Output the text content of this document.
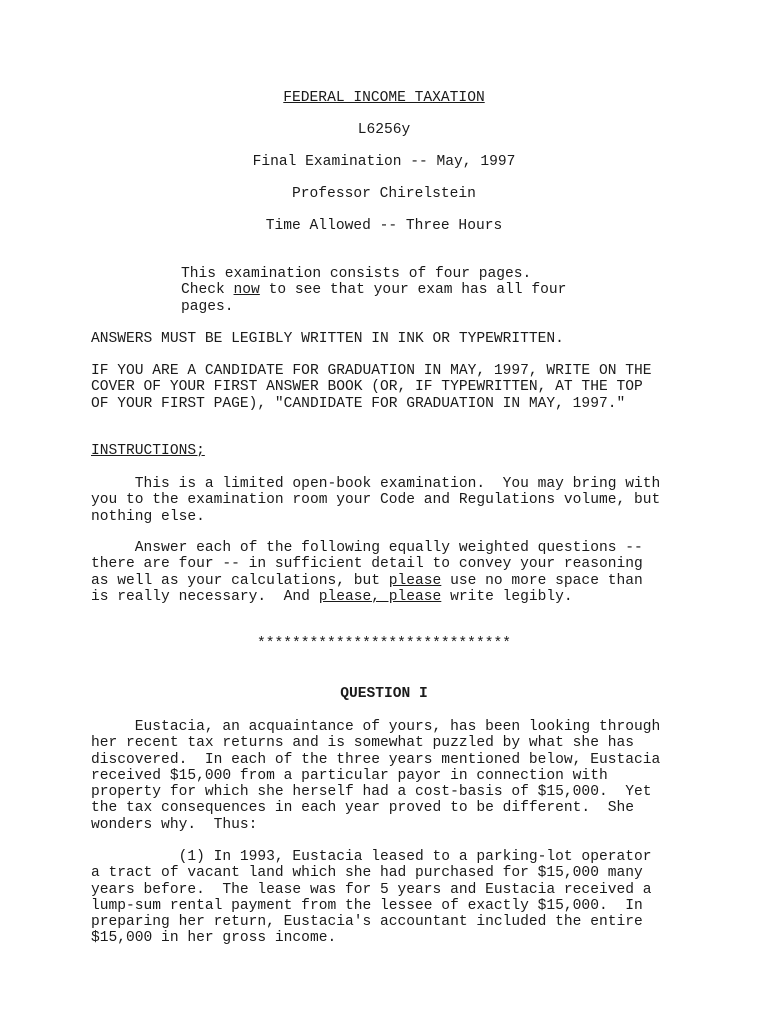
FEDERAL INCOME TAXATION
L6256y
Final Examination -- May, 1997
Professor Chirelstein
Time Allowed -- Three Hours
This examination consists of four pages.
Check now to see that your exam has all four
pages.
ANSWERS MUST BE LEGIBLY WRITTEN IN INK OR TYPEWRITTEN.
IF YOU ARE A CANDIDATE FOR GRADUATION IN MAY, 1997, WRITE ON THE
COVER OF YOUR FIRST ANSWER BOOK (OR, IF TYPEWRITTEN, AT THE TOP
OF YOUR FIRST PAGE), "CANDIDATE FOR GRADUATION IN MAY, 1997."
INSTRUCTIONS;
This is a limited open-book examination.  You may bring with
you to the examination room your Code and Regulations volume, but
nothing else.
Answer each of the following equally weighted questions --
there are four -- in sufficient detail to convey your reasoning
as well as your calculations, but please use no more space than
is really necessary.  And please, please write legibly.
*****************************
QUESTION I
Eustacia, an acquaintance of yours, has been looking through
her recent tax returns and is somewhat puzzled by what she has
discovered.  In each of the three years mentioned below, Eustacia
received $15,000 from a particular payor in connection with
property for which she herself had a cost-basis of $15,000.  Yet
the tax consequences in each year proved to be different.  She
wonders why.  Thus:
(1) In 1993, Eustacia leased to a parking-lot operator
a tract of vacant land which she had purchased for $15,000 many
years before.  The lease was for 5 years and Eustacia received a
lump-sum rental payment from the lessee of exactly $15,000.  In
preparing her return, Eustacia's accountant included the entire
$15,000 in her gross income.
